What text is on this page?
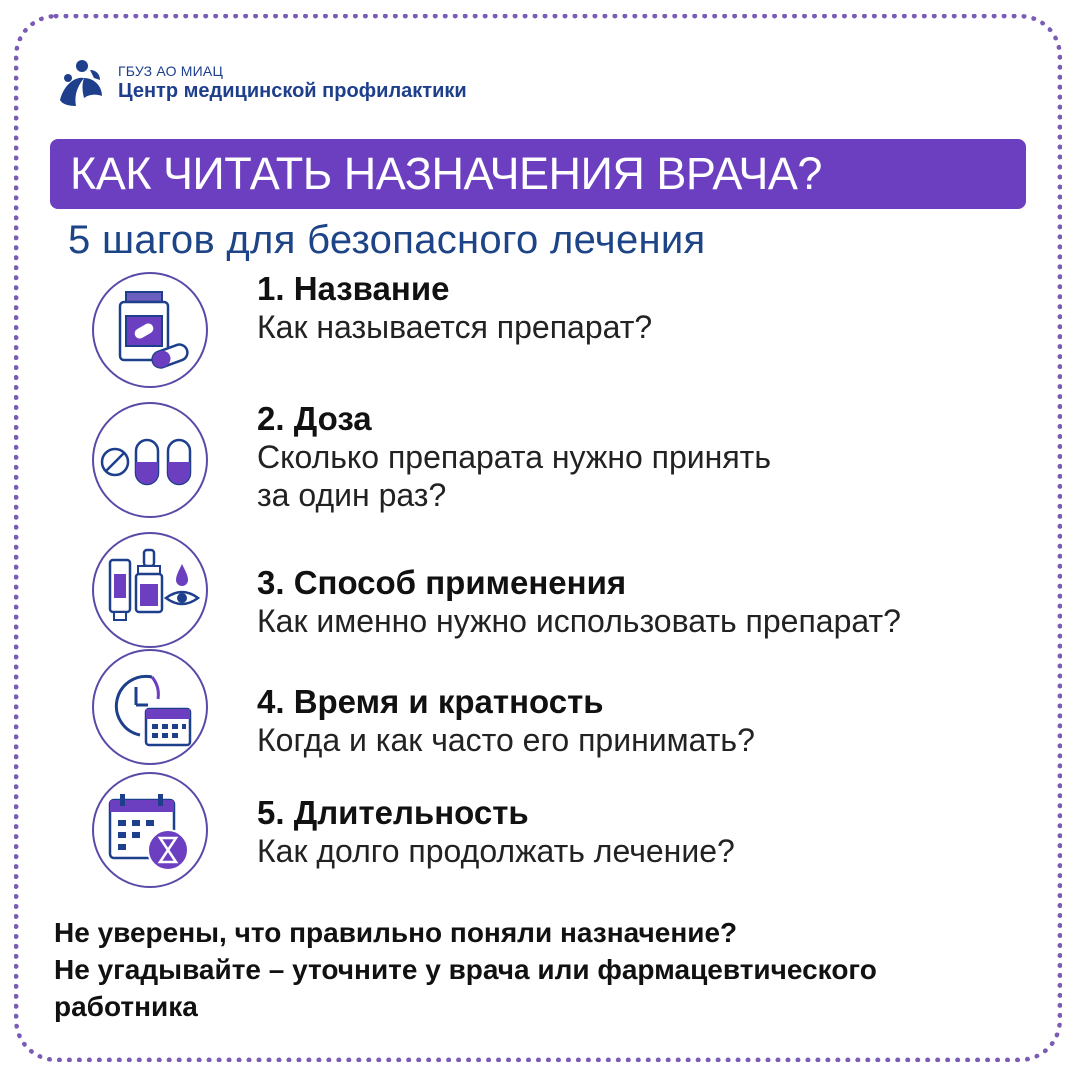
ГБУЗ АО МИАЦ
Центр медицинской профилактики
КАК ЧИТАТЬ НАЗНАЧЕНИЯ ВРАЧА?
5 шагов для безопасного лечения
1. Название
Как называется препарат?
2. Доза
Сколько препарата нужно принять
за один раз?
3. Способ применения
Как именно нужно использовать препарат?
4. Время и кратность
Когда и как часто его принимать?
5. Длительность
Как долго продолжать лечение?
Не уверены, что правильно поняли назначение?
Не угадывайте – уточните у врача или фармацевтического
работника
